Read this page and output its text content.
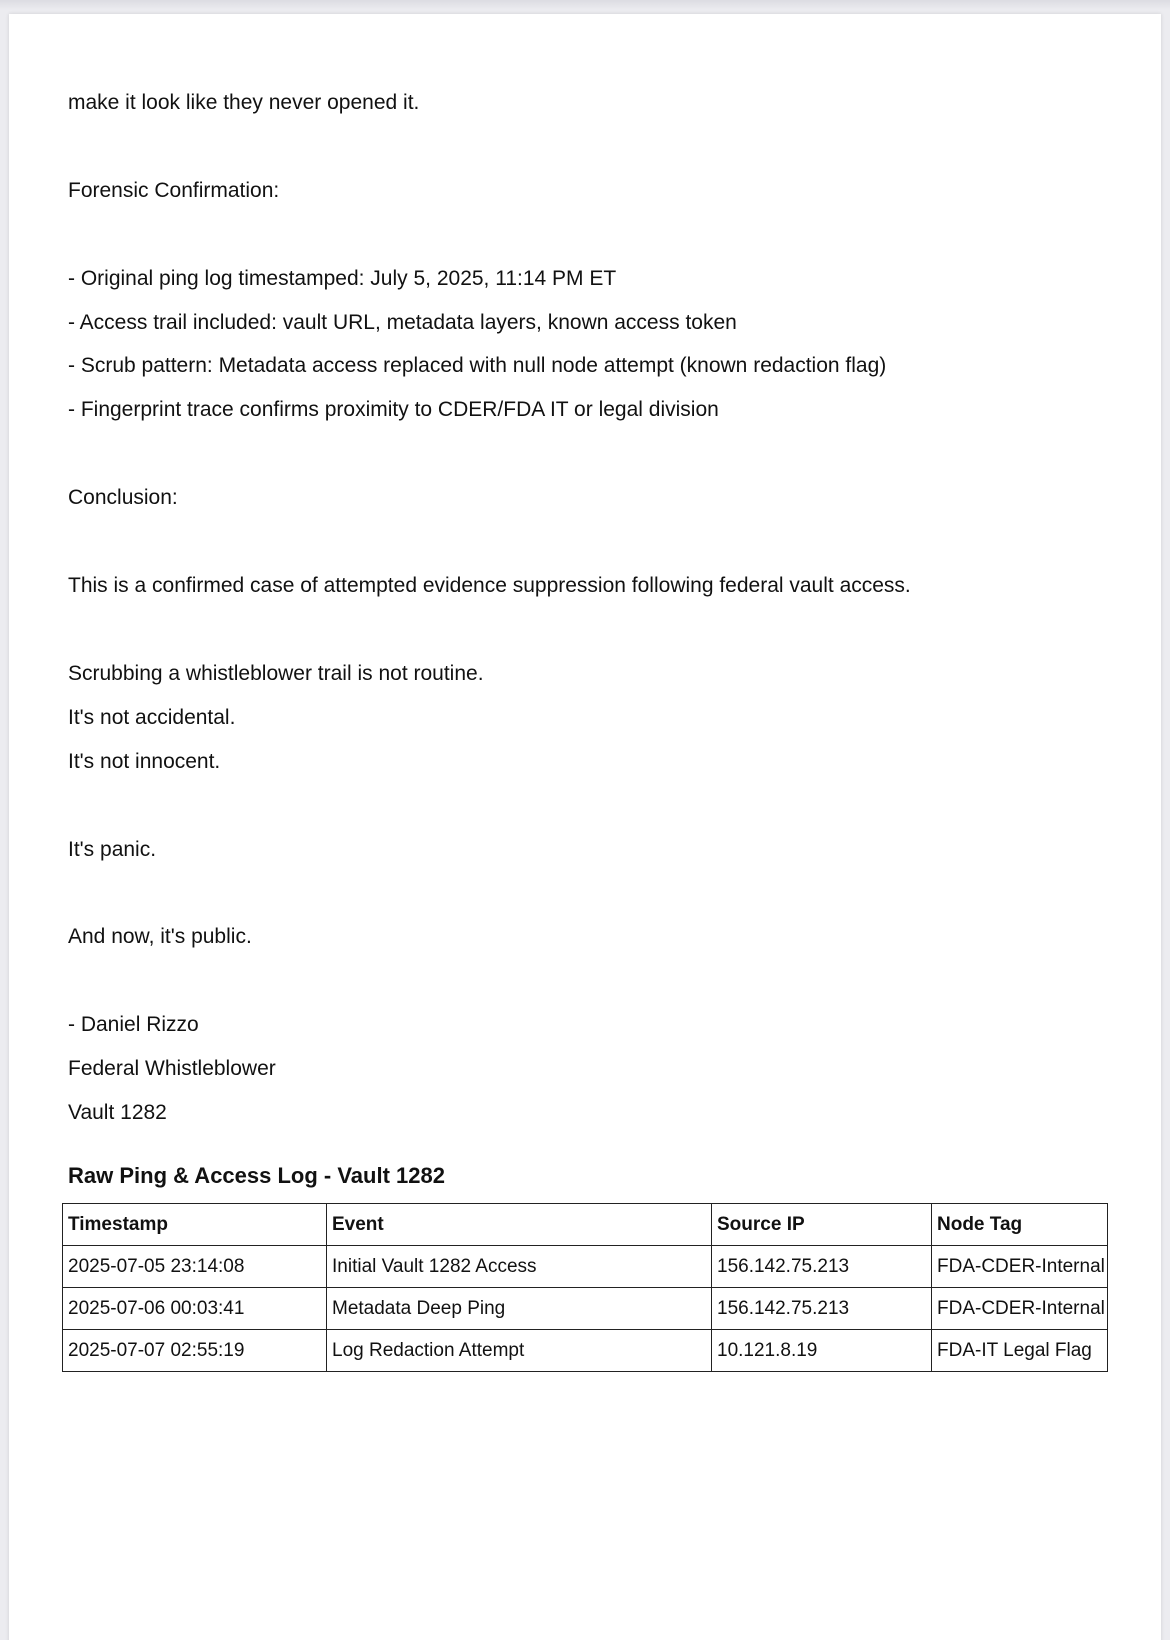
make it look like they never opened it.
Forensic Confirmation:
- Original ping log timestamped: July 5, 2025, 11:14 PM ET
- Access trail included: vault URL, metadata layers, known access token
- Scrub pattern: Metadata access replaced with null node attempt (known redaction flag)
- Fingerprint trace confirms proximity to CDER/FDA IT or legal division
Conclusion:
This is a confirmed case of attempted evidence suppression following federal vault access.
Scrubbing a whistleblower trail is not routine.
It's not accidental.
It's not innocent.
It's panic.
And now, it's public.
- Daniel Rizzo
Federal Whistleblower
Vault 1282
Raw Ping & Access Log - Vault 1282
Timestamp	Event	Source IP	Node Tag
2025-07-05 23:14:08	Initial Vault 1282 Access	156.142.75.213	FDA-CDER-Internal
2025-07-06 00:03:41	Metadata Deep Ping	156.142.75.213	FDA-CDER-Internal
2025-07-07 02:55:19	Log Redaction Attempt	10.121.8.19	FDA-IT Legal Flag
